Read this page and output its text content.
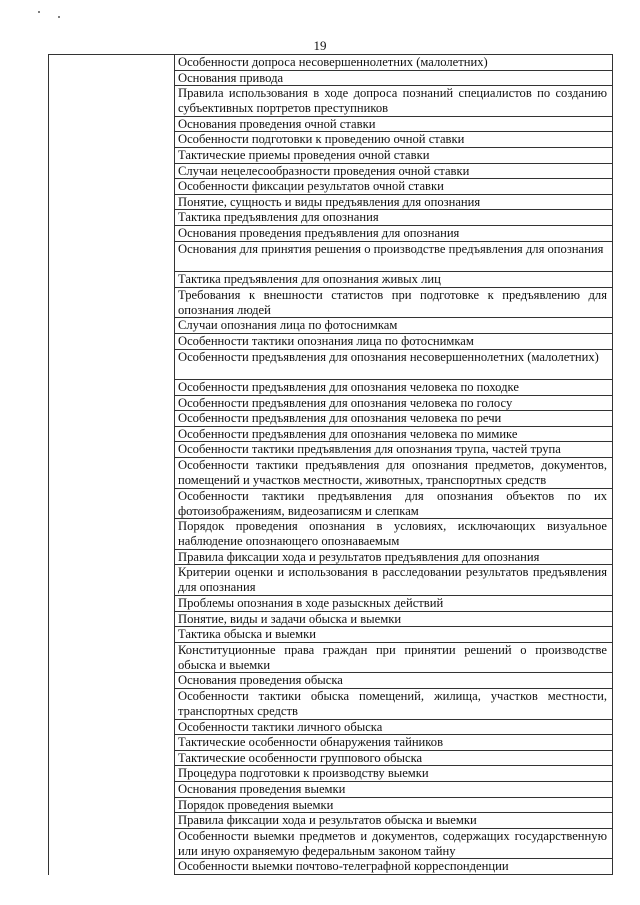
19
Особенности допроса несовершеннолетних (малолетних)
Основания привода
Правила использования в ходе допроса познаний специалистов по созданию субъективных портретов преступников
Основания проведения очной ставки
Особенности подготовки к проведению очной ставки
Тактические приемы проведения очной ставки
Случаи нецелесообразности проведения очной ставки
Особенности фиксации результатов очной ставки
Понятие, сущность и виды предъявления для опознания
Тактика предъявления для опознания
Основания проведения предъявления для опознания
Основания для принятия решения о производстве предъявления для опознания
Тактика предъявления для опознания живых лиц
Требования к внешности статистов при подготовке к предъявлению для опознания людей
Случаи опознания лица по фотоснимкам
Особенности тактики опознания лица по фотоснимкам
Особенности предъявления для опознания несовершеннолетних (малолетних)
Особенности предъявления для опознания человека по походке
Особенности предъявления для опознания человека по голосу
Особенности предъявления для опознания человека по речи
Особенности предъявления для опознания человека по мимике
Особенности тактики предъявления для опознания трупа, частей трупа
Особенности тактики предъявления для опознания предметов, документов, помещений и участков местности, животных, транспортных средств
Особенности тактики предъявления для опознания объектов по их фотоизображениям, видеозаписям и слепкам
Порядок проведения опознания в условиях, исключающих визуальное наблюдение опознающего опознаваемым
Правила фиксации хода и результатов предъявления для опознания
Критерии оценки и использования в расследовании результатов предъявления для опознания
Проблемы опознания в ходе разыскных действий
Понятие, виды и задачи обыска и выемки
Тактика обыска и выемки
Конституционные права граждан при принятии решений о производстве обыска и выемки
Основания проведения обыска
Особенности тактики обыска помещений, жилища, участков местности, транспортных средств
Особенности тактики личного обыска
Тактические особенности обнаружения тайников
Тактические особенности группового обыска
Процедура подготовки к производству выемки
Основания проведения выемки
Порядок проведения выемки
Правила фиксации хода и результатов обыска и выемки
Особенности выемки предметов и документов, содержащих государственную или иную охраняемую федеральным законом тайну
Особенности выемки почтово-телеграфной корреспонденции
